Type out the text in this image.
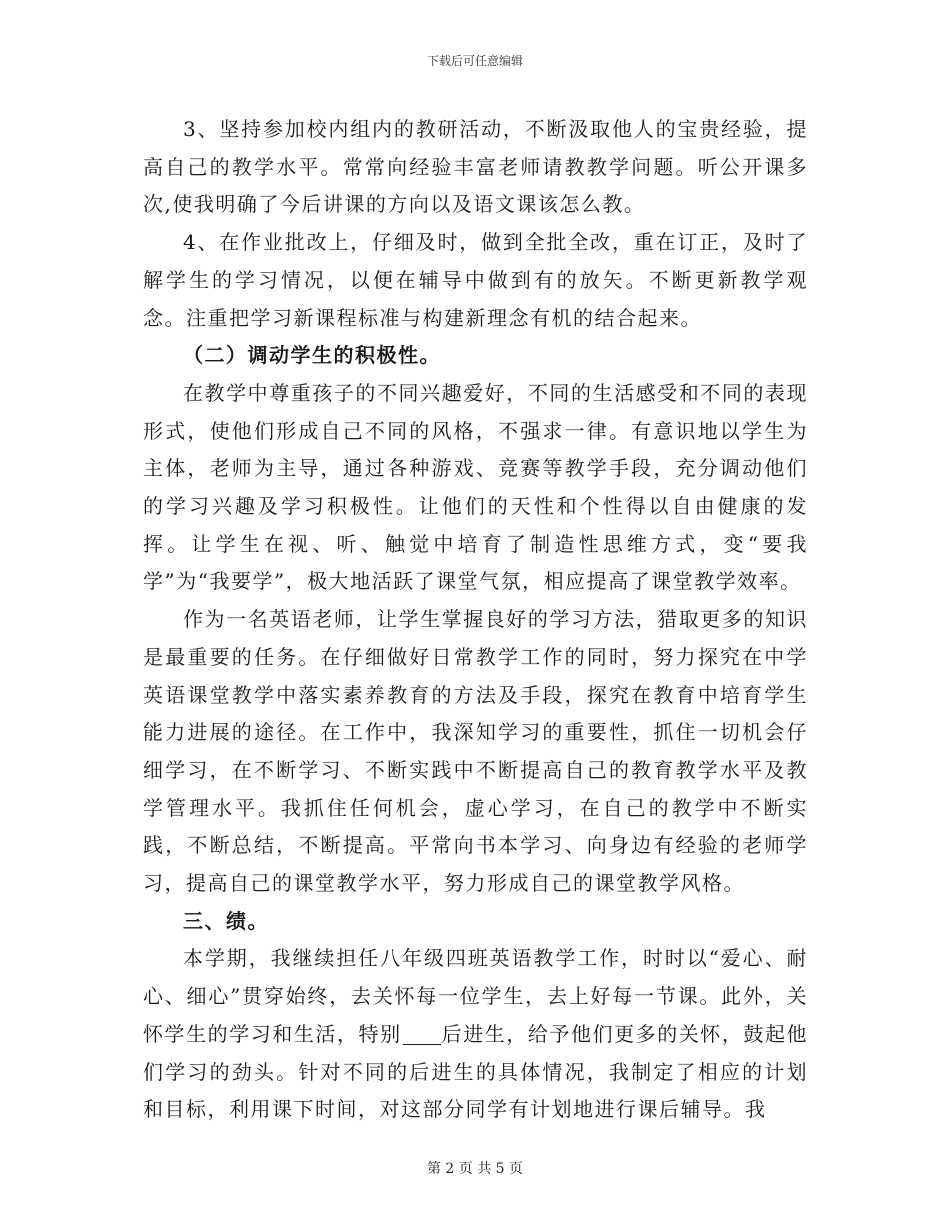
下载后可任意编辑

3、坚持参加校内组内的教研活动，不断汲取他人的宝贵经验，提高自己的教学水平。常常向经验丰富老师请教教学问题。听公开课多次,使我明确了今后讲课的方向以及语文课该怎么教。

4、在作业批改上，仔细及时，做到全批全改，重在订正，及时了解学生的学习情况，以便在辅导中做到有的放矢。不断更新教学观念。注重把学习新课程标准与构建新理念有机的结合起来。

（二）调动学生的积极性。

在教学中尊重孩子的不同兴趣爱好，不同的生活感受和不同的表现形式，使他们形成自己不同的风格，不强求一律。有意识地以学生为主体，老师为主导，通过各种游戏、竞赛等教学手段，充分调动他们的学习兴趣及学习积极性。让他们的天性和个性得以自由健康的发挥。让学生在视、听、触觉中培育了制造性思维方式，变“要我学”为“我要学”，极大地活跃了课堂气氛，相应提高了课堂教学效率。

作为一名英语老师，让学生掌握良好的学习方法，猎取更多的知识是最重要的任务。在仔细做好日常教学工作的同时，努力探究在中学英语课堂教学中落实素养教育的方法及手段，探究在教育中培育学生能力进展的途径。在工作中，我深知学习的重要性，抓住一切机会仔细学习，在不断学习、不断实践中不断提高自己的教育教学水平及教学管理水平。我抓住任何机会，虚心学习，在自己的教学中不断实践，不断总结，不断提高。平常向书本学习、向身边有经验的老师学习，提高自己的课堂教学水平，努力形成自己的课堂教学风格。

三、绩。

本学期，我继续担任八年级四班英语教学工作，时时以“爱心、耐心、细心”贯穿始终，去关怀每一位学生，去上好每一节课。此外，关怀学生的学习和生活，特别 后进生，给予他们更多的关怀，鼓起他们学习的劲头。针对不同的后进生的具体情况，我制定了相应的计划和目标，利用课下时间，对这部分同学有计划地进行课后辅导。我

第 2 页 共 5 页
